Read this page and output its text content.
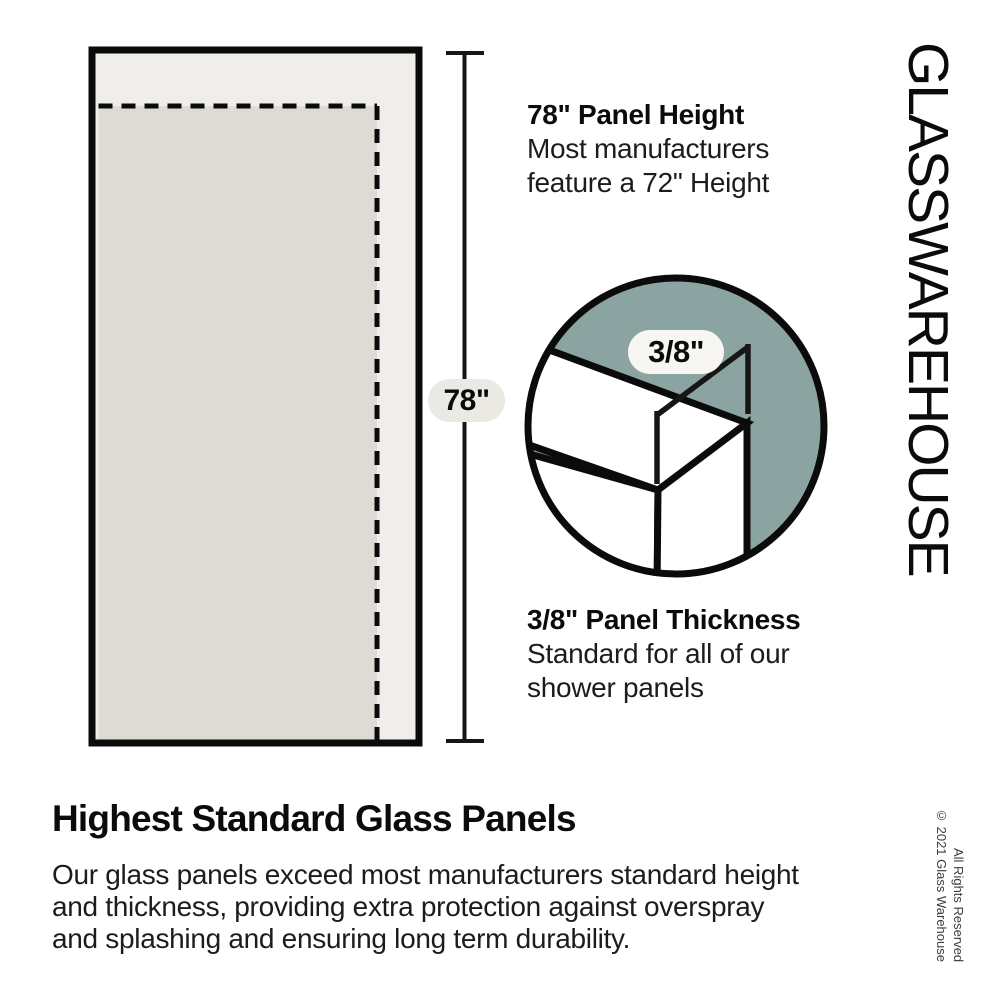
78"
3/8"
78" Panel Height
Most manufacturers
feature a 72" Height
3/8" Panel Thickness
Standard for all of our
shower panels
GLASSWAREHOUSE
Highest Standard Glass Panels
Our glass panels exceed most manufacturers standard height
and thickness, providing extra protection against overspray
and splashing and ensuring long term durability.	© 2021 Glass Warehouse All Rights Reserved
